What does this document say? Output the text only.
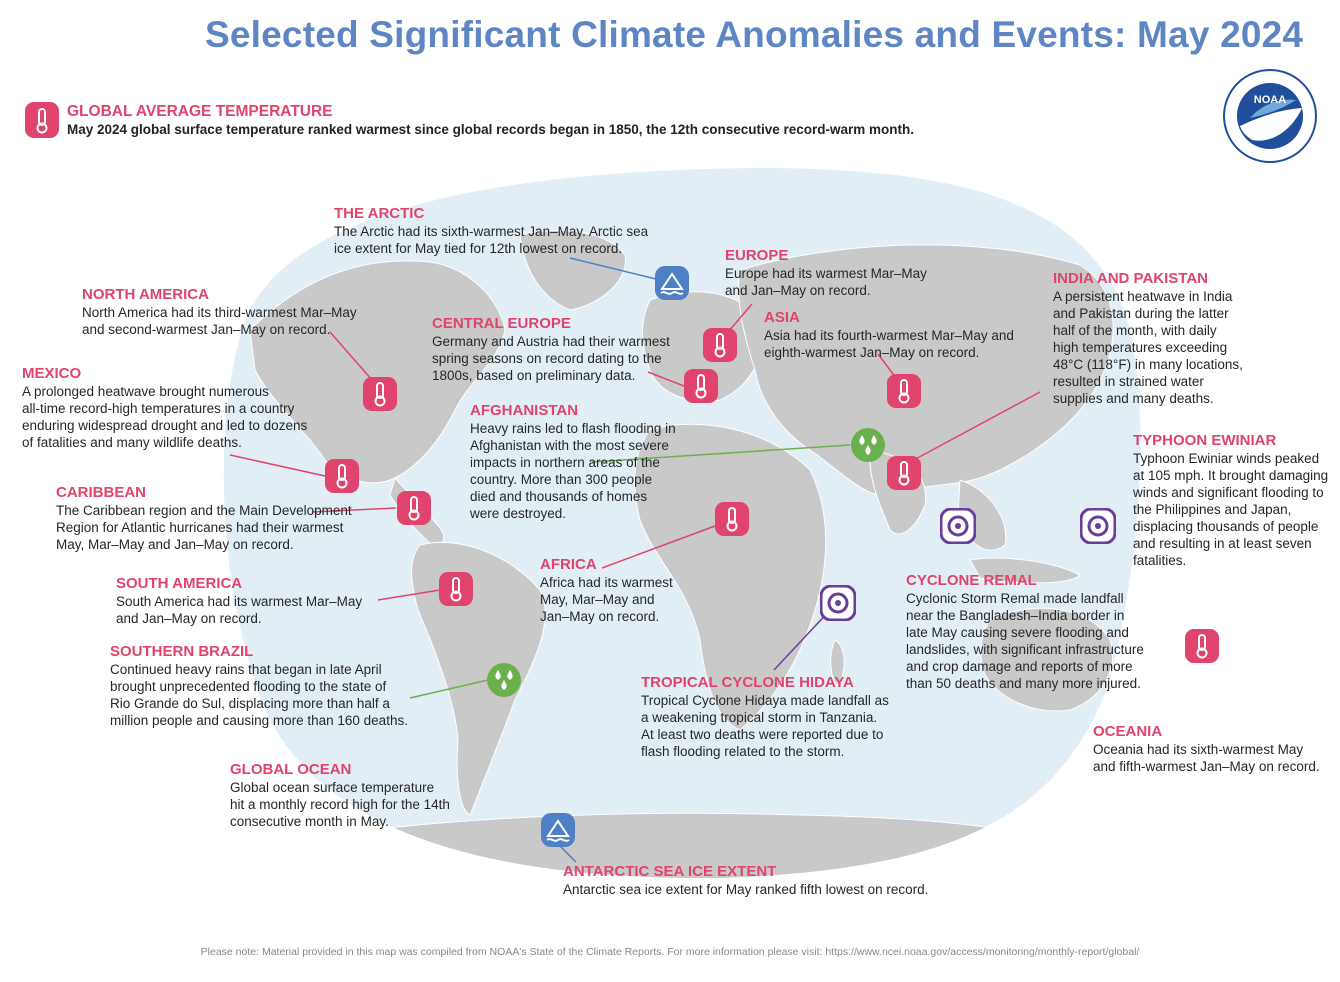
Selected Significant Climate Anomalies and Events: May 2024
NOAA
GLOBAL AVERAGE TEMPERATURE
May 2024 global surface temperature ranked warmest since global records began in 1850, the 12th consecutive record-warm month.
THE ARCTIC
The Arctic had its sixth-warmest Jan–May. Arctic sea
ice extent for May tied for 12th lowest on record.
NORTH AMERICA
North America had its third-warmest Mar–May
and second-warmest Jan–May on record.
MEXICO
A prolonged heatwave brought numerous
all-time record-high temperatures in a country
enduring widespread drought and led to dozens
of fatalities and many wildlife deaths.
CARIBBEAN
The Caribbean region and the Main Development
Region for Atlantic hurricanes had their warmest
May, Mar–May and Jan–May on record.
SOUTH AMERICA
South America had its warmest Mar–May
and Jan–May on record.
SOUTHERN BRAZIL
Continued heavy rains that began in late April
brought unprecedented flooding to the state of
Rio Grande do Sul, displacing more than half a
million people and causing more than 160 deaths.
GLOBAL OCEAN
Global ocean surface temperature
hit a monthly record high for the 14th
consecutive month in May.
CENTRAL EUROPE
Germany and Austria had their warmest
spring seasons on record dating to the
1800s, based on preliminary data.
EUROPE
Europe had its warmest Mar–May
and Jan–May on record.
ASIA
Asia had its fourth-warmest Mar–May and
eighth-warmest Jan–May on record.
AFGHANISTAN
Heavy rains led to flash flooding in
Afghanistan with the most severe
impacts in northern areas of the
country. More than 300 people
died and thousands of homes
were destroyed.
AFRICA
Africa had its warmest
May, Mar–May and
Jan–May on record.
TROPICAL CYCLONE HIDAYA
Tropical Cyclone Hidaya made landfall as
a weakening tropical storm in Tanzania.
At least two deaths were reported due to
flash flooding related to the storm.
INDIA AND PAKISTAN
A persistent heatwave in India
and Pakistan during the latter
half of the month, with daily
high temperatures exceeding
48°C (118°F) in many locations,
resulted in strained water
supplies and many deaths.
TYPHOON EWINIAR
Typhoon Ewiniar winds peaked
at 105 mph. It brought damaging
winds and significant flooding to
the Philippines and Japan,
displacing thousands of people
and resulting in at least seven
fatalities.
CYCLONE REMAL
Cyclonic Storm Remal made landfall
near the Bangladesh–India border in
late May causing severe flooding and
landslides, with significant infrastructure
and crop damage and reports of more
than 50 deaths and many more injured.
OCEANIA
Oceania had its sixth-warmest May
and fifth-warmest Jan–May on record.
ANTARCTIC SEA ICE EXTENT
Antarctic sea ice extent for May ranked fifth lowest on record.
Please note: Material provided in this map was compiled from NOAA's State of the Climate Reports. For more information please visit: https://www.ncei.noaa.gov/access/monitoring/monthly-report/global/
